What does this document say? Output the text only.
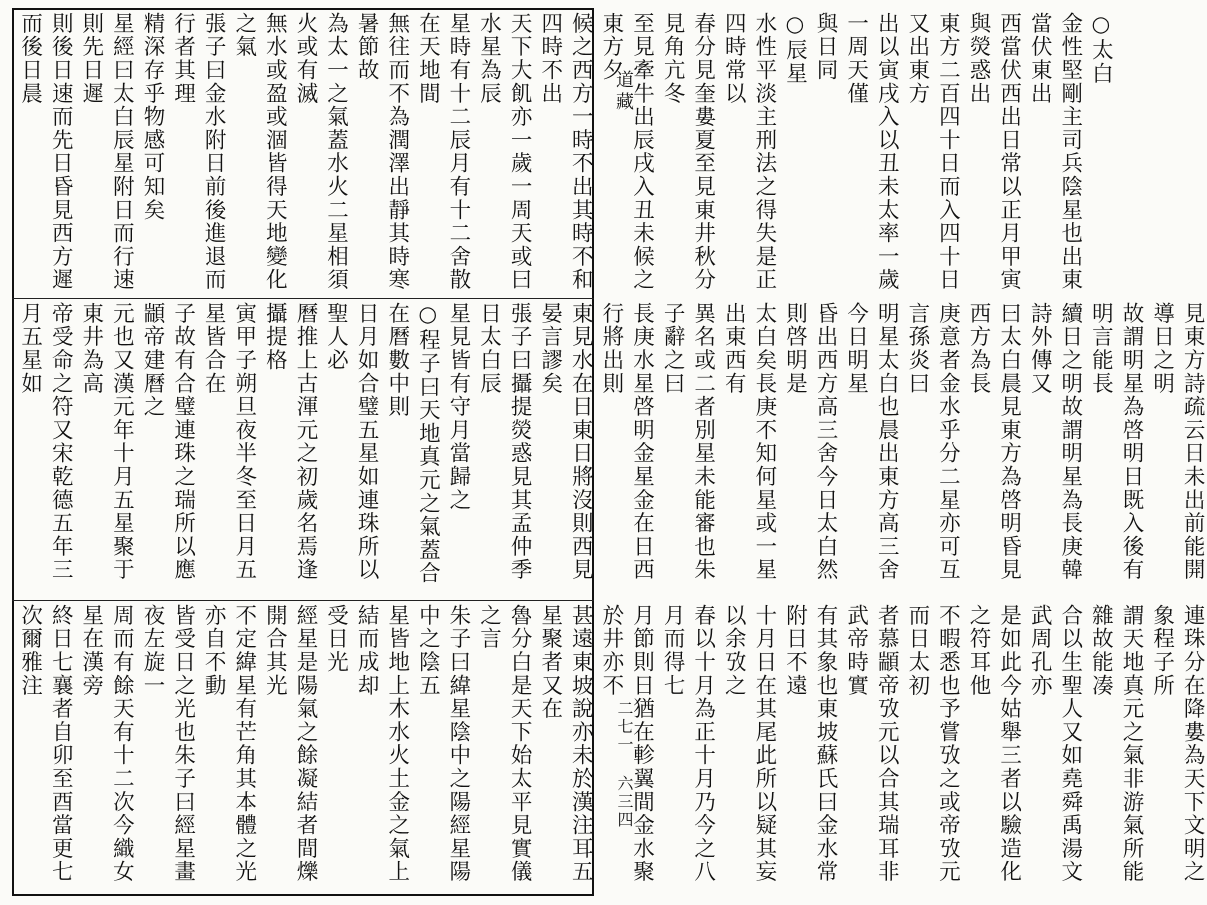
道藏
二七一 六三四
○太白
金性堅剛主司兵陰星也出東當伏東出
西當伏西出日常以正月甲寅與熒惑出
東方二百四十日而入四十日又出東方
出以寅戌入以丑未太率一歲一周天僅
與日同
○辰星
水性平淡主刑法之得失是正四時常以
春分見奎婁夏至見東井秋分見角亢冬
至見牽牛出辰戌入丑未候之東方夕
候之西方一時不出其時不和四時不出
天下大飢亦一歲一周天或曰水星為辰
星時有十二辰月有十二舍散在天地間
無往而不為潤澤出靜其時寒暑節故
為太一之氣蓋水火二星相須火或有滅
無水或盈或涸皆得天地變化之氣
張子曰金水附日前後進退而行者其理
精深存乎物感可知矣
星經曰太白辰星附日而行速則先日遲
則後日速而先日昏見西方遲而後日晨
見東方詩疏云日未出前能開導日之明
故謂明星為啓明日既入後有明言能長
續日之明故謂明星為長庚韓詩外傳又
曰太白晨見東方為啓明昏見西方為長
庚意者金水乎分二星亦可互言孫炎曰
明星太白也晨出東方高三舍今日明星
昏出西方高三舍今日太白然則啓明是
太白矣長庚不知何星或一星出東西有
異名或二者別星未能審也朱子辭之曰
長庚水星啓明金星金在日西行將出則
東見水在日東日將沒則西見晏言謬矣
張子曰攝提熒惑見其孟仲季日太白辰
星見皆有守月當歸之
○程子曰天地真元之氣蓋合在曆數中則
日月如合璧五星如連珠所以聖人必
曆推上古渾元之初歲名焉逢攝提格
寅甲子朔旦夜半冬至日月五星皆合在
子故有合璧連珠之瑞所以應顓帝建曆之
元也又漢元年十月五星聚于東井為高
帝受命之符又宋乾德五年三月五星如
連珠分在降婁為天下文明之象程子所
謂天地真元之氣非游氣所能雜故能凑
合以生聖人又如堯舜禹湯文武周孔亦
是如此今姑舉三者以驗造化之符耳他
不暇悉也予嘗攷之或帝攷元而日太初
者慕顓帝攷元以合其瑞耳非武帝時實
有其象也東坡蘇氏曰金水常附日不遠
十月日在其尾此所以疑其妄以余攷之
春以十月為正十月乃今之八月而得七
月節則日猶在軫翼間金水聚於井亦不
甚遠東坡說亦未於漢注耳五星聚者又在
魯分白是天下始太平見實儀之言
朱子曰緯星陰中之陽經星陽中之陰五
星皆地上木水火土金之氣上結而成却
受日光
經星是陽氣之餘凝結者間爍開合其光
不定緯星有芒角其本體之光亦自不動
皆受日之光也朱子曰經星畫夜左旋一
周而有餘天有十二次今織女星在漢旁
終日七襄者自卯至酉當更七次爾雅注
